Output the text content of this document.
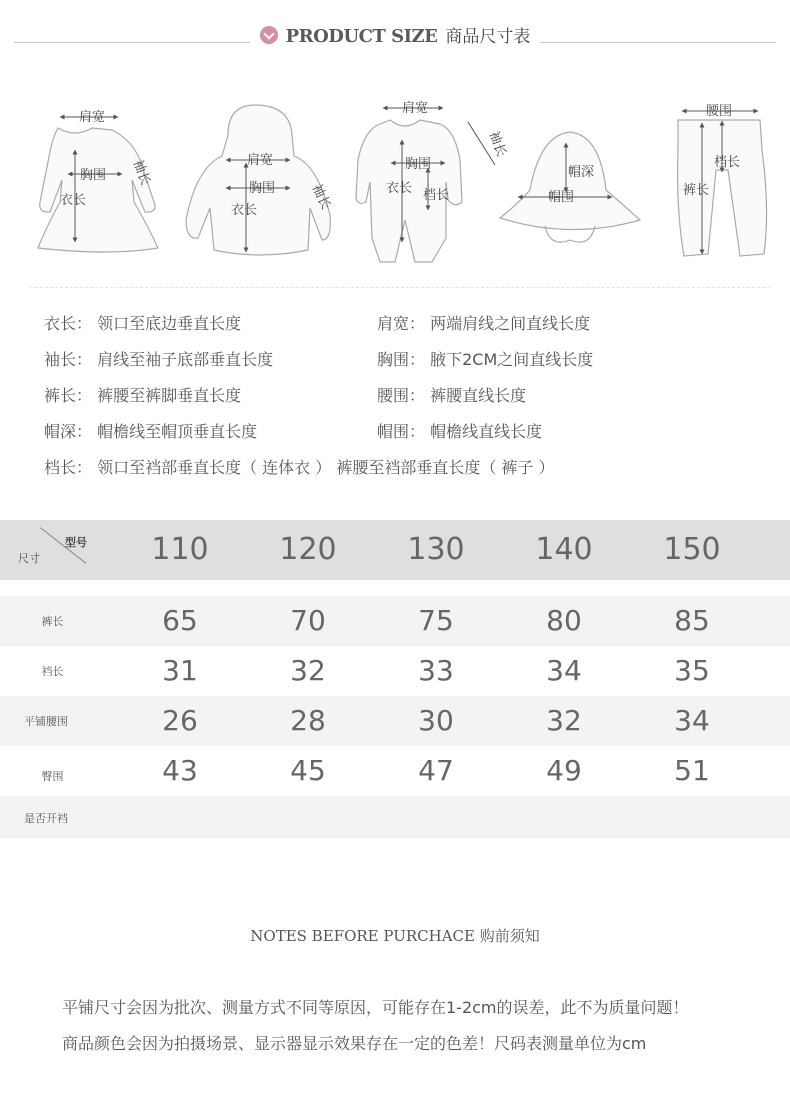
PRODUCT SIZE 商品尺寸表
肩宽
胸围
衣长
袖长	肩宽
胸围
衣长	袖长
肩宽
胸围
衣长 档长
袖长
帽深
帽围
腰围
档长
裤长
衣长： 领口至底边垂直长度	肩宽： 两端肩线之间直线长度
袖长： 肩线至袖子底部垂直长度	胸围： 腋下2CM之间直线长度
裤长： 裤腰至裤脚垂直长度	腰围： 裤腰直线长度
帽深： 帽檐线至帽顶垂直长度	帽围： 帽檐线直线长度
档长： 领口至裆部垂直长度（ 连体衣 ） 裤腰至裆部垂直长度（ 裤子 ）
尺寸
型号	110	120	130	140	150
裤长	65	70	75	80	85
裆长	31	32	33	34	35
平铺腰围	26	28	30	32	34
臀围	43	45	47	49	51
是否开裆
NOTES BEFORE PURCHACE 购前须知
平铺尺寸会因为批次、测量方式不同等原因，可能存在1-2cm的误差，此不为质量问题！
商品颜色会因为拍摄场景、显示器显示效果存在一定的色差！尺码表测量单位为cm
